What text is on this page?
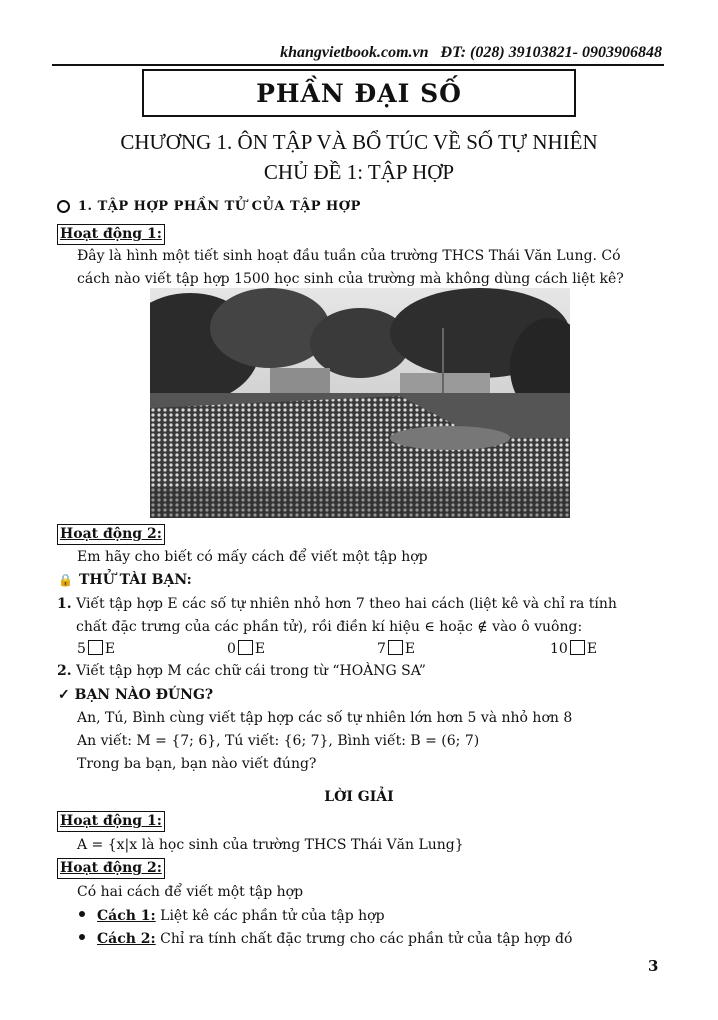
khangvietbook.com.vn ĐT: (028) 39103821- 0903906848
PHẦN ĐẠI SỐ
CHƯƠNG 1. ÔN TẬP VÀ BỔ TÚC VỀ SỐ TỰ NHIÊN
CHỦ ĐỀ 1: TẬP HỢP
1. TẬP HỢP PHẦN TỬ CỦA TẬP HỢP
Hoạt động 1:
Đây là hình một tiết sinh hoạt đầu tuần của trường THCS Thái Văn Lung. Có
cách nào viết tập hợp 1500 học sinh của trường mà không dùng cách liệt kê?
Hoạt động 2:
Em hãy cho biết có mấy cách để viết một tập hợp
🔒 THỬ TÀI BẠN:
1. Viết tập hợp E các số tự nhiên nhỏ hơn 7 theo hai cách (liệt kê và chỉ ra tính
chất đặc trưng của các phần tử), rồi điền kí hiệu ∈ hoặc ∉ vào ô vuông:
5 E	0 E	7 E	10 E
2. Viết tập hợp M các chữ cái trong từ “HOÀNG SA”
✓ BẠN NÀO ĐÚNG?
An, Tú, Bình cùng viết tập hợp các số tự nhiên lớn hơn 5 và nhỏ hơn 8
An viết: M = {7; 6}, Tú viết: {6; 7}, Bình viết: B = (6; 7)
Trong ba bạn, bạn nào viết đúng?
LỜI GIẢI
Hoạt động 1:
A = {x|x là học sinh của trường THCS Thái Văn Lung}
Hoạt động 2:
Có hai cách để viết một tập hợp
Cách 1: Liệt kê các phần tử của tập hợp
Cách 2: Chỉ ra tính chất đặc trưng cho các phần tử của tập hợp đó
3
